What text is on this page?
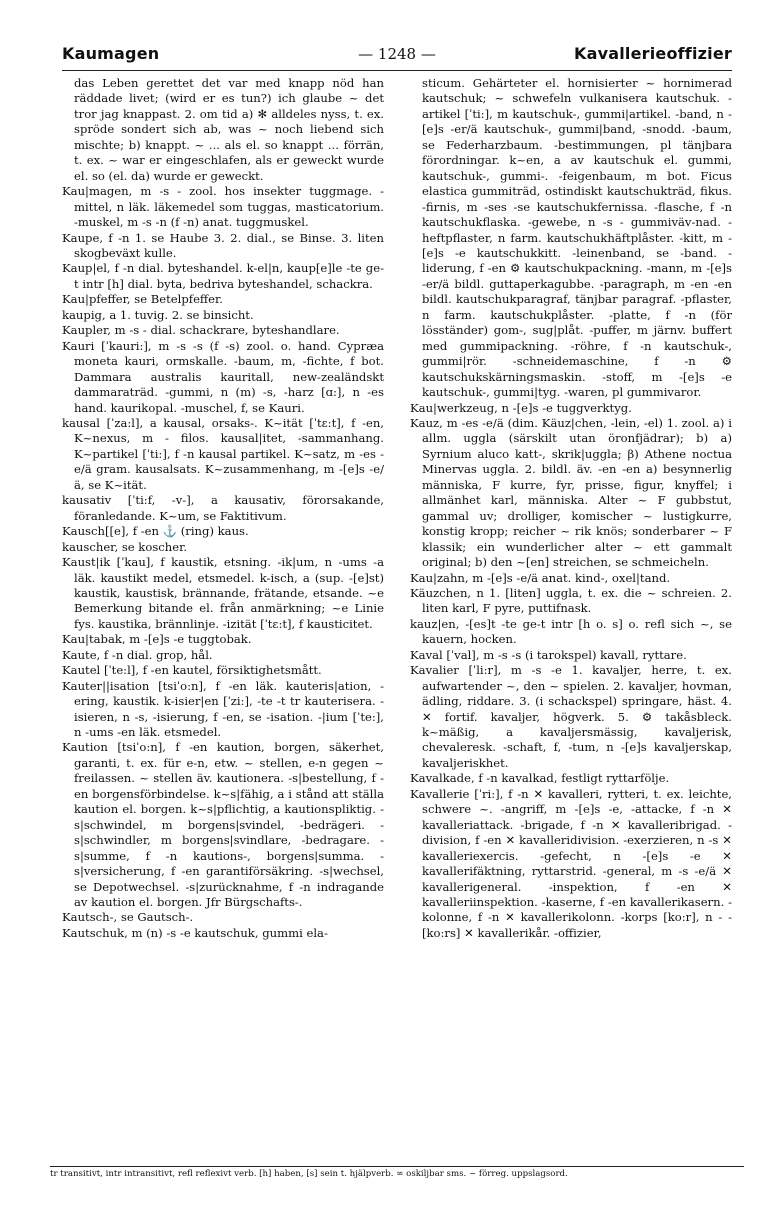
Kaumagen	— 1248 —	Kavallerieoffizier

das Leben gerettet det var med knapp nöd han räddade livet; (wird er es tun?) ich glaube ~ det tror jag knappast. 2. om tid a) ✻ alldeles nyss, t. ex. spröde sondert sich ab, was ~ noch liebend sich mischte; b) knappt. ~ ... als el. so knappt ... förrän, t. ex. ~ war er eingeschlafen, als er geweckt wurde el. so (el. da) wurde er geweckt.

Kau|magen, m -s - zool. hos insekter tuggmage. -mittel, n läk. läkemedel som tuggas, masticatorium. -muskel, m -s -n (f -n) anat. tuggmuskel.

Kaupe, f -n 1. se Haube 3. 2. dial., se Binse. 3. liten skogbeväxt kulle.

Kaup|el, f -n dial. byteshandel. k-el|n, kaup[e]le -te ge-t intr [h] dial. byta, bedriva byteshandel, schackra.

Kau|pfeffer, se Betelpfeffer.

kaupig, a 1. tuvig. 2. se binsicht.

Kaupler, m -s - dial. schackrare, byteshandlare.

Kauri [ˈkauri:], m -s -s (f -s) zool. o. hand. Cypræa moneta kauri, ormskalle. -baum, m, -fichte, f bot. Dammara australis kauritall, new-zealändskt dammaraträd. -gummi, n (m) -s, -harz [ɑ:], n -es hand. kaurikopal. -muschel, f, se Kauri.

kausal [ˈza:l], a kausal, orsaks-. K~ität [ˈtɛ:t], f -en, K~nexus, m - filos. kausal|itet, -sammanhang. K~partikel [ˈti:], f -n kausal partikel. K~satz, m -es -e/ä gram. kausalsats. K~zusammenhang, m -[e]s -e/ä, se K~ität.

kausativ [ˈti:f, -v-], a kausativ, förorsakande, föranledande. K~um, se Faktitivum.

Kausch[[e], f -en ⚓ (ring) kaus.

kauscher, se koscher.

Kaust|ik [ˈkau], f kaustik, etsning. -ik|um, n -ums -a läk. kaustikt medel, etsmedel. k-isch, a (sup. -[e]st) kaustik, kaustisk, brännande, frätande, etsande. ~e Bemerkung bitande el. från anmärkning; ~e Linie fys. kaustika, brännlinje. -izität [ˈtɛ:t], f kausticitet.

Kau|tabak, m -[e]s -e tuggtobak.

Kaute, f -n dial. grop, hål.

Kautel [ˈte:l], f -en kautel, försiktighetsmått.

Kauter||isation [tsiˈo:n], f -en läk. kauteris|ation, -ering, kaustik. k-isier|en [ˈzi:], -te -t tr kauterisera. -isieren, n -s, -isierung, f -en, se -isation. -|ium [ˈte:], n -ums -en läk. etsmedel.

Kaution [tsiˈo:n], f -en kaution, borgen, säkerhet, garanti, t. ex. für e-n, etw. ~ stellen, e-n gegen ~ freilassen. ~ stellen äv. kautionera. -s|bestellung, f -en borgensförbindelse. k~s|fähig, a i stånd att ställa kaution el. borgen. k~s|pflichtig, a kautionspliktig. -s|schwindel, m borgens|svindel, -bedrägeri. -s|schwindler, m borgens|svindlare, -bedragare. -s|summe, f -n kautions-, borgens|summa. -s|versicherung, f -en garantiförsäkring. -s|wechsel, se Depotwechsel. -s|zurücknahme, f -n indragande av kaution el. borgen. Jfr Bürgschafts-.

Kautsch-, se Gautsch-.

Kautschuk, m (n) -s -e kautschuk, gummi ela-

sticum. Gehärteter el. hornisierter ~ hornimerad kautschuk; ~ schwefeln vulkanisera kautschuk. -artikel [ˈti:], m kautschuk-, gummi|artikel. -band, n -[e]s -er/ä kautschuk-, gummi|band, -snodd. -baum, se Federharzbaum. -bestimmungen, pl tänjbara förordningar. k~en, a av kautschuk el. gummi, kautschuk-, gummi-. -feigenbaum, m bot. Ficus elastica gummiträd, ostindiskt kautschukträd, fikus. -firnis, m -ses -se kautschukfernissa. -flasche, f -n kautschukflaska. -gewebe, n -s - gummiväv-nad. -heftpflaster, n farm. kautschukhäftplåster. -kitt, m -[e]s -e kautschukkitt. -leinenband, se -band. -liderung, f -en ⚙ kautschukpackning. -mann, m -[e]s -er/ä bildl. guttaperkagubbe. -paragraph, m -en -en bildl. kautschukparagraf, tänjbar paragraf. -pflaster, n farm. kautschukplåster. -platte, f -n (för lösständer) gom-, sug|plåt. -puffer, m järnv. buffert med gummipackning. -röhre, f -n kautschuk-, gummi|rör. -schneidemaschine, f -n ⚙ kautschukskärningsmaskin. -stoff, m -[e]s -e kautschuk-, gummi|tyg. -waren, pl gummivaror.

Kau|werkzeug, n -[e]s -e tuggverktyg.

Kauz, m -es -e/ä (dim. Käuz|chen, -lein, -el) 1. zool. a) i allm. uggla (särskilt utan öronfjädrar); b) a) Syrnium aluco katt-, skrik|uggla; β) Athene noctua Minervas uggla. 2. bildl. äv. -en -en a) besynnerlig människa, F kurre, fyr, prisse, figur, knyffel; i allmänhet karl, människa. Alter ~ F gubbstut, gammal uv; drolliger, komischer ~ lustigkurre, konstig kropp; reicher ~ rik knös; sonderbarer ~ F klassik; ein wunderlicher alter ~ ett gammalt original; b) den ~[en] streichen, se schmeicheln.

Kau|zahn, m -[e]s -e/ä anat. kind-, oxel|tand.

Käuzchen, n 1. [liten] uggla, t. ex. die ~ schreien. 2. liten karl, F pyre, puttifnask.

kauz|en, -[es]t -te ge-t intr [h o. s] o. refl sich ~, se kauern, hocken.

Kaval [ˈval], m -s -s (i tarokspel) kavall, ryttare.

Kavalier [ˈli:r], m -s -e 1. kavaljer, herre, t. ex. aufwartender ~, den ~ spielen. 2. kavaljer, hovman, ädling, riddare. 3. (i schackspel) springare, häst. 4. ✕ fortif. kavaljer, högverk. 5. ⚙ takåsbleck. k~mäßig, a kavaljersmässig, kavaljerisk, chevaleresk. -schaft, f, -tum, n -[e]s kavaljerskap, kavaljeriskhet.

Kavalkade, f -n kavalkad, festligt ryttarfölje.

Kavallerie [ˈri:], f -n ✕ kavalleri, rytteri, t. ex. leichte, schwere ~. -angriff, m -[e]s -e, -attacke, f -n ✕ kavalleriattack. -brigade, f -n ✕ kavalleribrigad. -division, f -en ✕ kavalleridivision. -exerzieren, n -s ✕ kavalleriexercis. -gefecht, n -[e]s -e ✕ kavallerifäktning, ryttarstrid. -general, m -s -e/ä ✕ kavallerigeneral. -inspektion, f -en ✕ kavalleriinspektion. -kaserne, f -en kavallerikasern. -kolonne, f -n ✕ kavallerikolonn. -korps [ko:r], n - - [ko:rs] ✕ kavallerikår. -offizier,

tr transitivt, intr intransitivt, refl reflexivt verb. [h] haben, [s] sein t. hjälpverb. ∞ oskiljbar sms. ~ förreg. uppslagsord.
